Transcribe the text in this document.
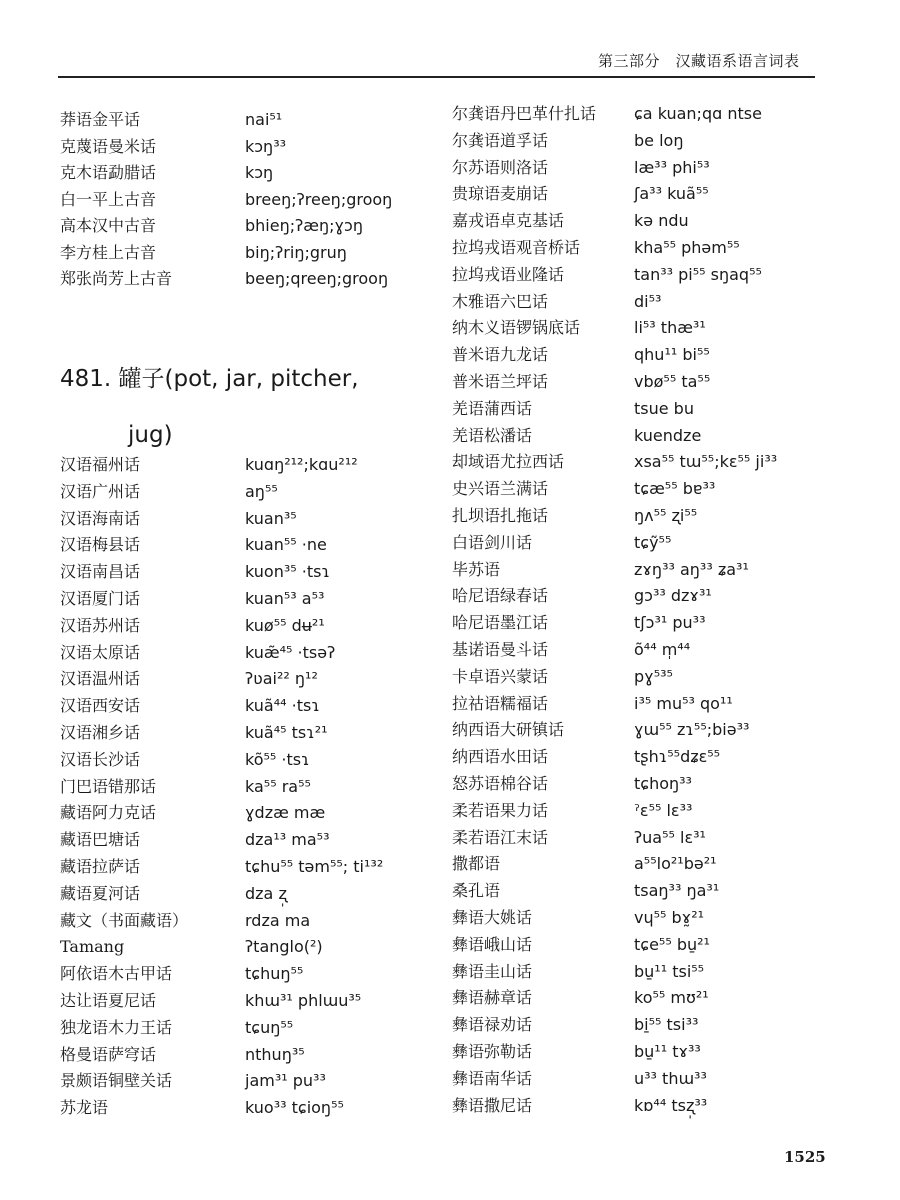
第三部分　汉藏语系语言词表
莽语金平话	nai⁵¹
克蔑语曼米话	kɔŋ³³
克木语勐腊话	kɔŋ
白一平上古音	breeŋ;ʔreeŋ;grooŋ
高本汉中古音	bhieŋ;ʔæŋ;ɣɔŋ
李方桂上古音	biŋ;ʔriŋ;gruŋ
郑张尚芳上古音	beeŋ;qreeŋ;grooŋ
汉语福州话	kuɑŋ²¹²;kɑu²¹²
汉语广州话	aŋ⁵⁵
汉语海南话	kuan³⁵
汉语梅县话	kuan⁵⁵ ·ne
汉语南昌话	kuon³⁵ ·tsɿ
汉语厦门话	kuan⁵³ a⁵³
汉语苏州话	kuø⁵⁵ dʉ²¹
汉语太原话	kuæ̃⁴⁵ ·tsəʔ
汉语温州话	ʔʋai²² ŋ¹²
汉语西安话	kuã⁴⁴ ·tsɿ
汉语湘乡话	kuã⁴⁵ tsɿ²¹
汉语长沙话	kõ⁵⁵ ·tsɿ
门巴语错那话	ka⁵⁵ ra⁵⁵
藏语阿力克话	ɣdzæ mæ
藏语巴塘话	dza¹³ ma⁵³
藏语拉萨话	tɕhu⁵⁵ təm⁵⁵; ti¹³²
藏语夏河话	dza ʐ̩
藏文（书面藏语）	rdza ma
Tamang	ʔtanglo(²)
阿依语木古甲话	tɕhuŋ⁵⁵
达让语夏尼话	khɯ³¹ phlɯu³⁵
独龙语木力王话	tɕuŋ⁵⁵
格曼语萨穹话	nthuŋ³⁵
景颇语铜壁关话	jam³¹ pu³³
苏龙语	kuo³³ tɕioŋ⁵⁵
481. 罐子(pot, jar, pitcher,
jug)
尔龚语丹巴革什扎话 ɕa kuan;qɑ ntse
尔龚语道孚话	be loŋ
尔苏语则洛话	læ³³ phi⁵³
贵琼语麦崩话	ʃa³³ kuã⁵⁵
嘉戎语卓克基话	kə ndu
拉坞戎语观音桥话	kha⁵⁵ phəm⁵⁵
拉坞戎语业隆话	tan³³ pi⁵⁵ sŋaq⁵⁵
木雅语六巴话	di⁵³
纳木义语锣锅底话	li⁵³ thæ³¹
普米语九龙话	qhu¹¹ bi⁵⁵
普米语兰坪话	vbø⁵⁵ ta⁵⁵
羌语蒲西话	tsue bu
羌语松潘话	kuendze
却域语尤拉西话	xsa⁵⁵ tɯ⁵⁵;kɛ⁵⁵ ji³³
史兴语兰满话	tɕæ⁵⁵ bɐ³³
扎坝语扎拖话	ŋʌ⁵⁵ ʐi⁵⁵
白语剑川话	tɕỹ⁵⁵
毕苏语	zɤŋ³³ aŋ³³ ʑa³¹
哈尼语绿春话	gɔ³³ dzɤ³¹
哈尼语墨江话	tʃɔ³¹ pu³³
基诺语曼斗话	õ⁴⁴ m̩⁴⁴
卡卓语兴蒙话	pɣ⁵³⁵
拉祜语糯福话	i³⁵ mu⁵³ qo¹¹
纳西语大研镇话	ɣɯ⁵⁵ zɿ⁵⁵;biə³³
纳西语水田话	tʂhɿ⁵⁵dʑɛ⁵⁵
怒苏语棉谷话	tɕhoŋ³³
柔若语果力话	ˀɛ⁵⁵ lɛ³³
柔若语江末话	ʔua⁵⁵ lɛ³¹
撒都语	a⁵⁵lo²¹bə²¹
桑孔语	tsaŋ³³ ŋa³¹
彝语大姚话	vɥ⁵⁵ bɤ̰²¹
彝语峨山话	tɕe⁵⁵ bu̱²¹
彝语圭山话	bu̱¹¹ tsi⁵⁵
彝语赫章话	ko⁵⁵ mʊ²¹
彝语禄劝话	bi̱⁵⁵ tsi³³
彝语弥勒话	bu̱¹¹ tɤ³³
彝语南华话	u³³ thɯ³³
彝语撒尼话	kɒ⁴⁴ tsʐ̩³³
1525
